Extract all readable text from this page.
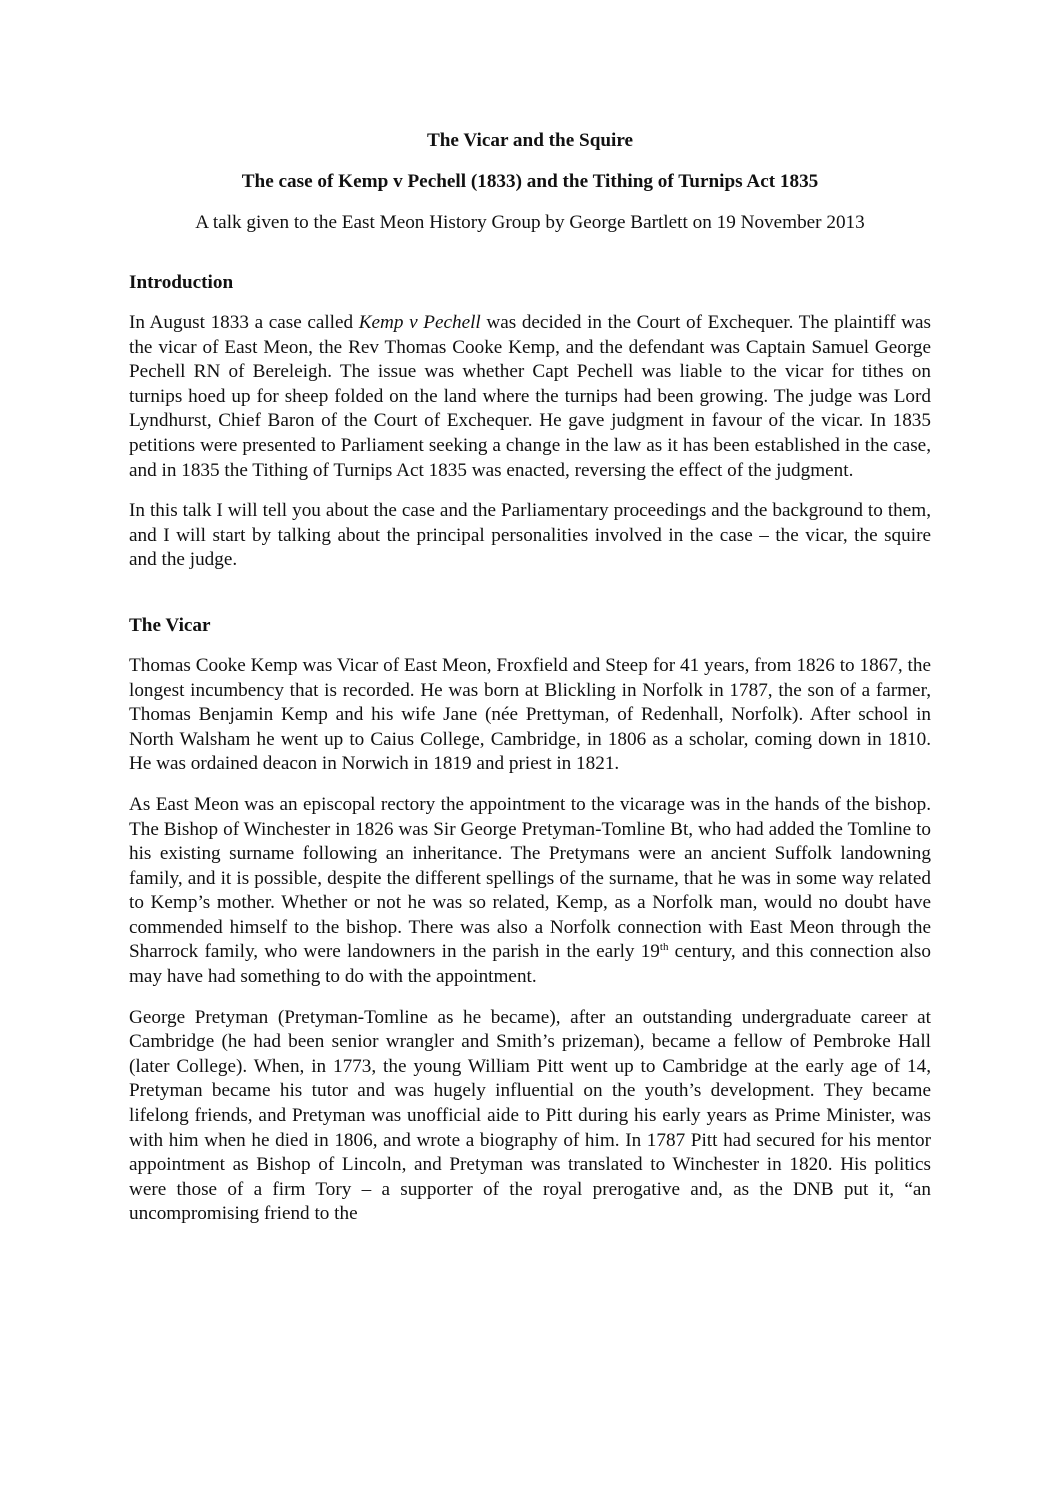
The Vicar and the Squire
The case of Kemp v Pechell (1833) and the Tithing of Turnips Act 1835
A talk given to the East Meon History Group by George Bartlett on 19 November 2013
Introduction

In August 1833 a case called Kemp v Pechell was decided in the Court of Exchequer. The plaintiff was the vicar of East Meon, the Rev Thomas Cooke Kemp, and the defendant was Captain Samuel George Pechell RN of Bereleigh. The issue was whether Capt Pechell was liable to the vicar for tithes on turnips hoed up for sheep folded on the land where the turnips had been growing. The judge was Lord Lyndhurst, Chief Baron of the Court of Exchequer. He gave judgment in favour of the vicar. In 1835 petitions were presented to Parliament seeking a change in the law as it has been established in the case, and in 1835 the Tithing of Turnips Act 1835 was enacted, reversing the effect of the judgment.

In this talk I will tell you about the case and the Parliamentary proceedings and the background to them, and I will start by talking about the principal personalities involved in the case – the vicar, the squire and the judge.

The Vicar

Thomas Cooke Kemp was Vicar of East Meon, Froxfield and Steep for 41 years, from 1826 to 1867, the longest incumbency that is recorded. He was born at Blickling in Norfolk in 1787, the son of a farmer, Thomas Benjamin Kemp and his wife Jane (née Prettyman, of Redenhall, Norfolk). After school in North Walsham he went up to Caius College, Cambridge, in 1806 as a scholar, coming down in 1810. He was ordained deacon in Norwich in 1819 and priest in 1821.

As East Meon was an episcopal rectory the appointment to the vicarage was in the hands of the bishop. The Bishop of Winchester in 1826 was Sir George Pretyman-Tomline Bt, who had added the Tomline to his existing surname following an inheritance. The Pretymans were an ancient Suffolk landowning family, and it is possible, despite the different spellings of the surname, that he was in some way related to Kemp’s mother. Whether or not he was so related, Kemp, as a Norfolk man, would no doubt have commended himself to the bishop. There was also a Norfolk connection with East Meon through the Sharrock family, who were landowners in the parish in the early 19th century, and this connection also may have had something to do with the appointment.

George Pretyman (Pretyman-Tomline as he became), after an outstanding undergraduate career at Cambridge (he had been senior wrangler and Smith’s prizeman), became a fellow of Pembroke Hall (later College). When, in 1773, the young William Pitt went up to Cambridge at the early age of 14, Pretyman became his tutor and was hugely influential on the youth’s development. They became lifelong friends, and Pretyman was unofficial aide to Pitt during his early years as Prime Minister, was with him when he died in 1806, and wrote a biography of him. In 1787 Pitt had secured for his mentor appointment as Bishop of Lincoln, and Pretyman was translated to Winchester in 1820. His politics were those of a firm Tory – a supporter of the royal prerogative and, as the DNB put it, “an uncompromising friend to the
